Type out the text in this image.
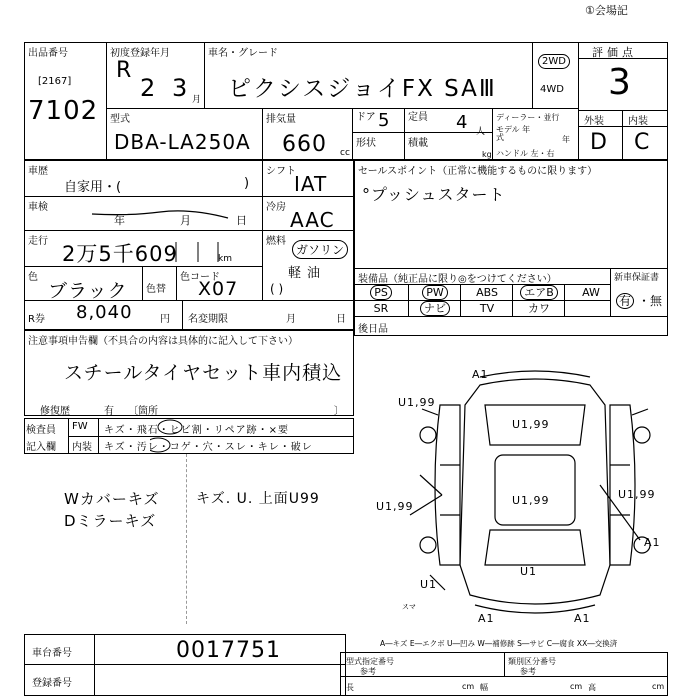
①会場記
出品番号
[2167]
7102
初度登録年月
R
2 3 月
車名・グレード
ピクシスジョイFX SAⅢ
2WD
4WD
評価点
3
型式
DBA-LA250A
排気量
660 cc
ドア 5 定員 4 人
形状	積載
kg
ディーラー・並行
モデル 年式	年
ハンドル 左・右
外装 内装
D C
車歴
自家用・(	)
シフト
IAT
車検
年	月	日
冷房
AAC
走行
2万5千609	km
燃料
ガソリン
軽油
( )
色
ブラック 色替
色コード
X07
R券 8,040	円 名変期限	月	日
セールスポイント（正常に機能するものに限ります）
°プッシュスタート
装備品（純正品に限り◎をつけてください）	新車保証書
有 ・無
PS	PW	ABS	エアB	AW
SR	ナビ	TV	カワ
後日品
注意事項申告欄（不具合の内容は具体的に記入して下さい）
スチールタイヤセット車内積込
修復歴	有 〔箇所	〕
検査員
記入欄
FW キズ・飛石・ヒビ割・リペア跡・×要
内装 キズ・汚レ・コゲ・穴・スレ・キレ・破レ
Wカバーキズ
Dミラーキズ
キズ. U. 上面U99
A1
U1,99
U1,99
U1,99
U1,99
U1,99
A1
U1
U1
A1	A1
スマ
A―キズ E―エクボ U―凹み W―補修跡 S―サビ C―腐食 XX―交換済
車台番号	0017751
登録番号
型式指定番号
参考
類別区分番号
参考
長	cm 幅	cm 高	cm
